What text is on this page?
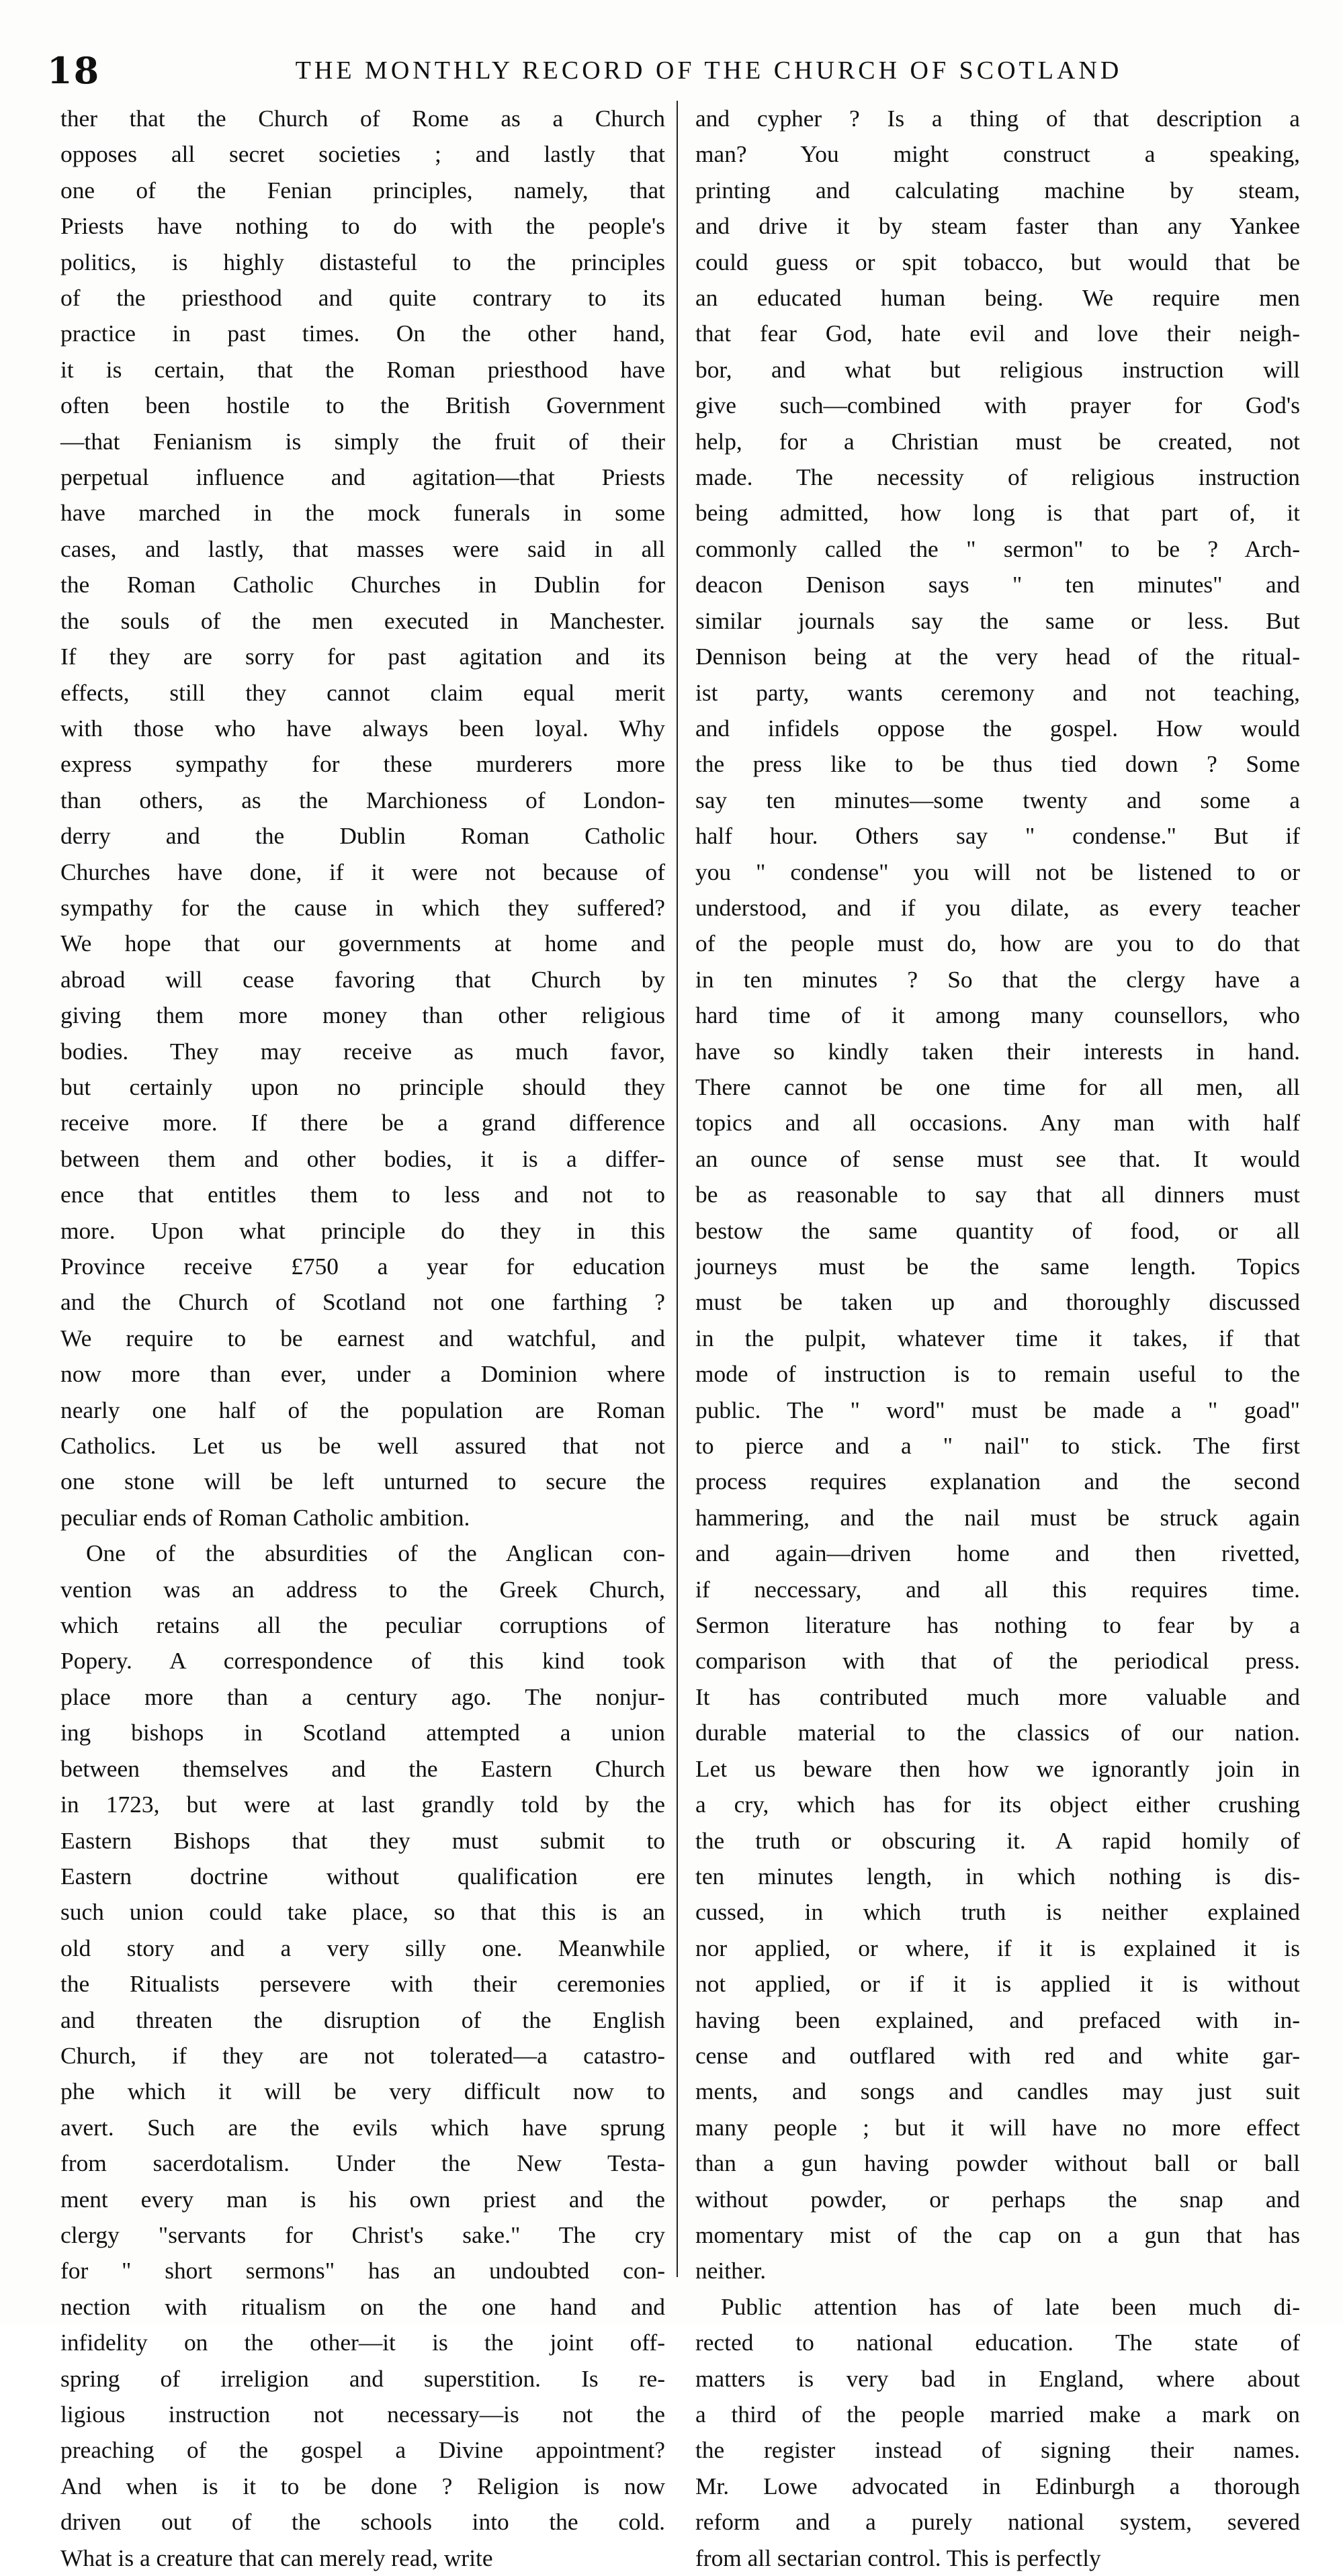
18	THE MONTHLY RECORD OF THE CHURCH OF SCOTLAND

ther that the Church of Rome as a Church
opposes all secret societies ; and lastly that
one of the Fenian principles, namely, that
Priests have nothing to do with the people's
politics, is highly distasteful to the principles
of the priesthood and quite contrary to its
practice in past times. On the other hand,
it is certain, that the Roman priesthood have
often been hostile to the British Government
—that Fenianism is simply the fruit of their
perpetual influence and agitation—that Priests
have marched in the mock funerals in some
cases, and lastly, that masses were said in all
the Roman Catholic Churches in Dublin for
the souls of the men executed in Manchester.
If they are sorry for past agitation and its
effects, still they cannot claim equal merit
with those who have always been loyal. Why
express sympathy for these murderers more
than others, as the Marchioness of London-
derry and the Dublin Roman Catholic
Churches have done, if it were not because of
sympathy for the cause in which they suffered?
We hope that our governments at home and
abroad will cease favoring that Church by
giving them more money than other religious
bodies. They may receive as much favor,
but certainly upon no principle should they
receive more. If there be a grand difference
between them and other bodies, it is a differ-
ence that entitles them to less and not to
more. Upon what principle do they in this
Province receive £750 a year for education
and the Church of Scotland not one farthing ?
We require to be earnest and watchful, and
now more than ever, under a Dominion where
nearly one half of the population are Roman
Catholics. Let us be well assured that not
one stone will be left unturned to secure the
peculiar ends of Roman Catholic ambition.

One of the absurdities of the Anglican con-
vention was an address to the Greek Church,
which retains all the peculiar corruptions of
Popery. A correspondence of this kind took
place more than a century ago. The nonjur-
ing bishops in Scotland attempted a union
between themselves and the Eastern Church
in 1723, but were at last grandly told by the
Eastern Bishops that they must submit to
Eastern doctrine without qualification ere
such union could take place, so that this is an
old story and a very silly one. Meanwhile
the Ritualists persevere with their ceremonies
and threaten the disruption of the English
Church, if they are not tolerated—a catastro-
phe which it will be very difficult now to
avert. Such are the evils which have sprung
from sacerdotalism. Under the New Testa-
ment every man is his own priest and the
clergy "servants for Christ's sake." The cry
for " short sermons" has an undoubted con-
nection with ritualism on the one hand and
infidelity on the other—it is the joint off-
spring of irreligion and superstition. Is re-
ligious instruction not necessary—is not the
preaching of the gospel a Divine appointment?
And when is it to be done ? Religion is now
driven out of the schools into the cold.
What is a creature that can merely read, write

and cypher ? Is a thing of that description a
man? You might construct a speaking,
printing and calculating machine by steam,
and drive it by steam faster than any Yankee
could guess or spit tobacco, but would that be
an educated human being. We require men
that fear God, hate evil and love their neigh-
bor, and what but religious instruction will
give such—combined with prayer for God's
help, for a Christian must be created, not
made. The necessity of religious instruction
being admitted, how long is that part of, it
commonly called the " sermon" to be ? Arch-
deacon Denison says " ten minutes" and
similar journals say the same or less. But
Dennison being at the very head of the ritual-
ist party, wants ceremony and not teaching,
and infidels oppose the gospel. How would
the press like to be thus tied down ? Some
say ten minutes—some twenty and some a
half hour. Others say " condense." But if
you " condense" you will not be listened to or
understood, and if you dilate, as every teacher
of the people must do, how are you to do that
in ten minutes ? So that the clergy have a
hard time of it among many counsellors, who
have so kindly taken their interests in hand.
There cannot be one time for all men, all
topics and all occasions. Any man with half
an ounce of sense must see that. It would
be as reasonable to say that all dinners must
bestow the same quantity of food, or all
journeys must be the same length. Topics
must be taken up and thoroughly discussed
in the pulpit, whatever time it takes, if that
mode of instruction is to remain useful to the
public. The " word" must be made a " goad"
to pierce and a " nail" to stick. The first
process requires explanation and the second
hammering, and the nail must be struck again
and again—driven home and then rivetted,
if neccessary, and all this requires time.
Sermon literature has nothing to fear by a
comparison with that of the periodical press.
It has contributed much more valuable and
durable material to the classics of our nation.
Let us beware then how we ignorantly join in
a cry, which has for its object either crushing
the truth or obscuring it. A rapid homily of
ten minutes length, in which nothing is dis-
cussed, in which truth is neither explained
nor applied, or where, if it is explained it is
not applied, or if it is applied it is without
having been explained, and prefaced with in-
cense and outflared with red and white gar-
ments, and songs and candles may just suit
many people ; but it will have no more effect
than a gun having powder without ball or ball
without powder, or perhaps the snap and
momentary mist of the cap on a gun that has
neither.

Public attention has of late been much di-
rected to national education. The state of
matters is very bad in England, where about
a third of the people married make a mark on
the register instead of signing their names.
Mr. Lowe advocated in Edinburgh a thorough
reform and a purely national system, severed
from all sectarian control. This is perfectly
